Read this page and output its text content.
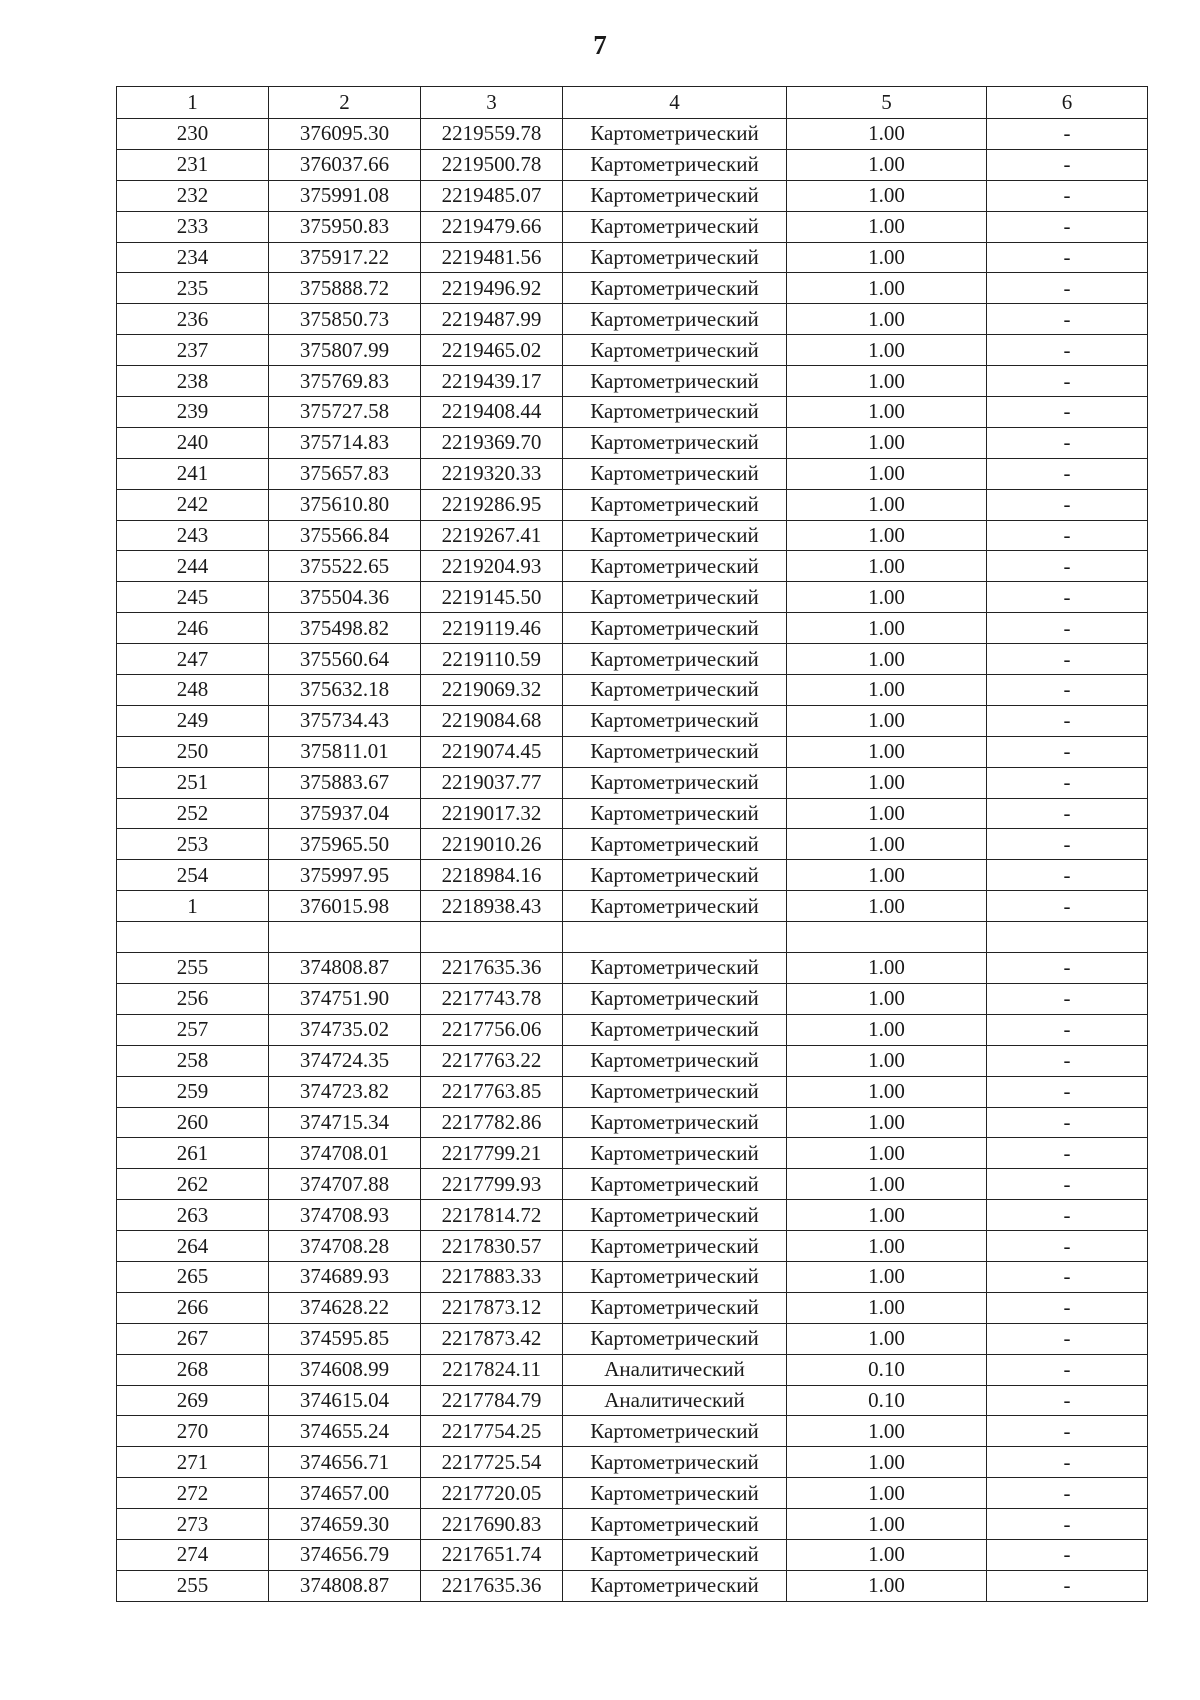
7
1	2	3	4	5	6
230	376095.30	2219559.78	Картометрический	1.00	-
231	376037.66	2219500.78	Картометрический	1.00	-
232	375991.08	2219485.07	Картометрический	1.00	-
233	375950.83	2219479.66	Картометрический	1.00	-
234	375917.22	2219481.56	Картометрический	1.00	-
235	375888.72	2219496.92	Картометрический	1.00	-
236	375850.73	2219487.99	Картометрический	1.00	-
237	375807.99	2219465.02	Картометрический	1.00	-
238	375769.83	2219439.17	Картометрический	1.00	-
239	375727.58	2219408.44	Картометрический	1.00	-
240	375714.83	2219369.70	Картометрический	1.00	-
241	375657.83	2219320.33	Картометрический	1.00	-
242	375610.80	2219286.95	Картометрический	1.00	-
243	375566.84	2219267.41	Картометрический	1.00	-
244	375522.65	2219204.93	Картометрический	1.00	-
245	375504.36	2219145.50	Картометрический	1.00	-
246	375498.82	2219119.46	Картометрический	1.00	-
247	375560.64	2219110.59	Картометрический	1.00	-
248	375632.18	2219069.32	Картометрический	1.00	-
249	375734.43	2219084.68	Картометрический	1.00	-
250	375811.01	2219074.45	Картометрический	1.00	-
251	375883.67	2219037.77	Картометрический	1.00	-
252	375937.04	2219017.32	Картометрический	1.00	-
253	375965.50	2219010.26	Картометрический	1.00	-
254	375997.95	2218984.16	Картометрический	1.00	-
1	376015.98	2218938.43	Картометрический	1.00	-

255	374808.87	2217635.36	Картометрический	1.00	-
256	374751.90	2217743.78	Картометрический	1.00	-
257	374735.02	2217756.06	Картометрический	1.00	-
258	374724.35	2217763.22	Картометрический	1.00	-
259	374723.82	2217763.85	Картометрический	1.00	-
260	374715.34	2217782.86	Картометрический	1.00	-
261	374708.01	2217799.21	Картометрический	1.00	-
262	374707.88	2217799.93	Картометрический	1.00	-
263	374708.93	2217814.72	Картометрический	1.00	-
264	374708.28	2217830.57	Картометрический	1.00	-
265	374689.93	2217883.33	Картометрический	1.00	-
266	374628.22	2217873.12	Картометрический	1.00	-
267	374595.85	2217873.42	Картометрический	1.00	-
268	374608.99	2217824.11	Аналитический	0.10	-
269	374615.04	2217784.79	Аналитический	0.10	-
270	374655.24	2217754.25	Картометрический	1.00	-
271	374656.71	2217725.54	Картометрический	1.00	-
272	374657.00	2217720.05	Картометрический	1.00	-
273	374659.30	2217690.83	Картометрический	1.00	-
274	374656.79	2217651.74	Картометрический	1.00	-
255	374808.87	2217635.36	Картометрический	1.00	-
